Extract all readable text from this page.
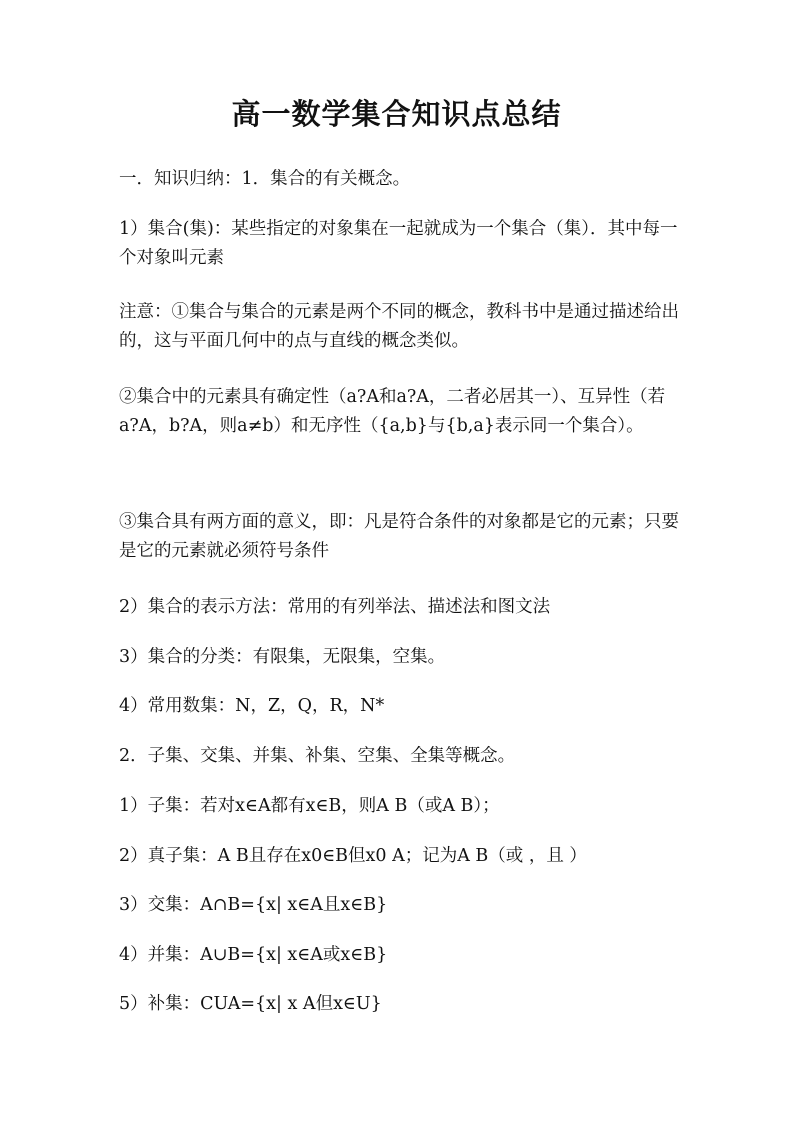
高一数学集合知识点总结

一．知识归纳：1．集合的有关概念。

1）集合(集)：某些指定的对象集在一起就成为一个集合（集）．其中每一个对象叫元素

注意：①集合与集合的元素是两个不同的概念，教科书中是通过描述给出的，这与平面几何中的点与直线的概念类似。

②集合中的元素具有确定性（a?A和a?A，二者必居其一）、互异性（若a?A，b?A，则a≠b）和无序性（{a,b}与{b,a}表示同一个集合）。

③集合具有两方面的意义，即：凡是符合条件的对象都是它的元素；只要是它的元素就必须符号条件

2）集合的表示方法：常用的有列举法、描述法和图文法

3）集合的分类：有限集，无限集，空集。

4）常用数集：N，Z，Q，R，N*

2．子集、交集、并集、补集、空集、全集等概念。

1）子集：若对x∈A都有x∈B，则A B（或A B）；

2）真子集：A B且存在x0∈B但x0 A；记为A B（或 ，且 ）

3）交集：A∩B={x| x∈A且x∈B}

4）并集：A∪B={x| x∈A或x∈B}

5）补集：CUA={x| x A但x∈U}
